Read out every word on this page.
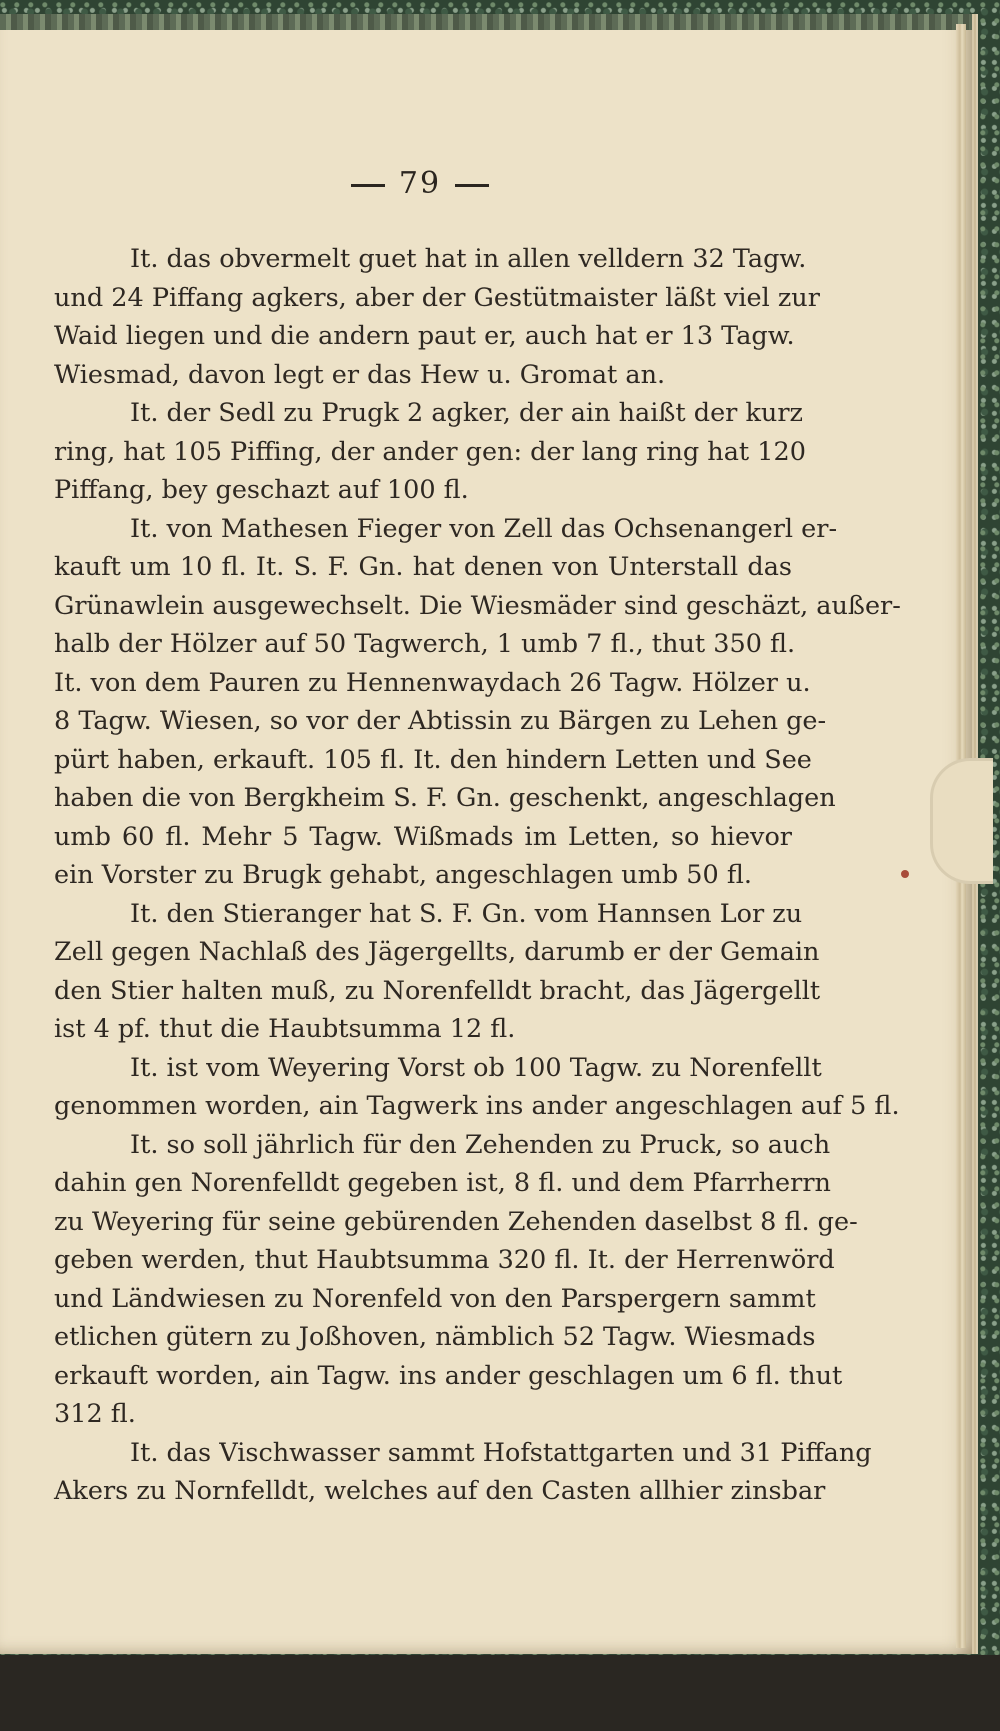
79
It. das obvermelt guet hat in allen velldern 32 Tagw.
und 24 Piffang agkers, aber der Gestütmaister läßt viel zur
Waid liegen und die andern paut er, auch hat er 13 Tagw.
Wiesmad, davon legt er das Hew u. Gromat an.
It. der Sedl zu Prugk 2 agker, der ain haißt der kurz
ring, hat 105 Piffing, der ander gen: der lang ring hat 120
Piffang, bey geschazt auf 100 fl.
It. von Mathesen Fieger von Zell das Ochsenangerl er-
kauft um 10 fl. It. S. F. Gn. hat denen von Unterstall das
Grünawlein ausgewechselt. Die Wiesmäder sind geschäzt, außer-
halb der Hölzer auf 50 Tagwerch, 1 umb 7 fl., thut 350 fl.
It. von dem Pauren zu Hennenwaydach 26 Tagw. Hölzer u.
8 Tagw. Wiesen, so vor der Abtissin zu Bärgen zu Lehen ge-
pürt haben, erkauft. 105 fl. It. den hindern Letten und See
haben die von Bergkheim S. F. Gn. geschenkt, angeschlagen
umb 60 fl. Mehr 5 Tagw. Wißmads im Letten, so hievor
ein Vorster zu Brugk gehabt, angeschlagen umb 50 fl.
It. den Stieranger hat S. F. Gn. vom Hannsen Lor zu
Zell gegen Nachlaß des Jägergellts, darumb er der Gemain
den Stier halten muß, zu Norenfelldt bracht, das Jägergellt
ist 4 pf. thut die Haubtsumma 12 fl.
It. ist vom Weyering Vorst ob 100 Tagw. zu Norenfellt
genommen worden, ain Tagwerk ins ander angeschlagen auf 5 fl.
It. so soll jährlich für den Zehenden zu Pruck, so auch
dahin gen Norenfelldt gegeben ist, 8 fl. und dem Pfarrherrn
zu Weyering für seine gebürenden Zehenden daselbst 8 fl. ge-
geben werden, thut Haubtsumma 320 fl. It. der Herrenwörd
und Ländwiesen zu Norenfeld von den Parspergern sammt
etlichen gütern zu Joßhoven, nämblich 52 Tagw. Wiesmads
erkauft worden, ain Tagw. ins ander geschlagen um 6 fl. thut
312 fl.
It. das Vischwasser sammt Hofstattgarten und 31 Piffang
Akers zu Nornfelldt, welches auf den Casten allhier zinsbar
